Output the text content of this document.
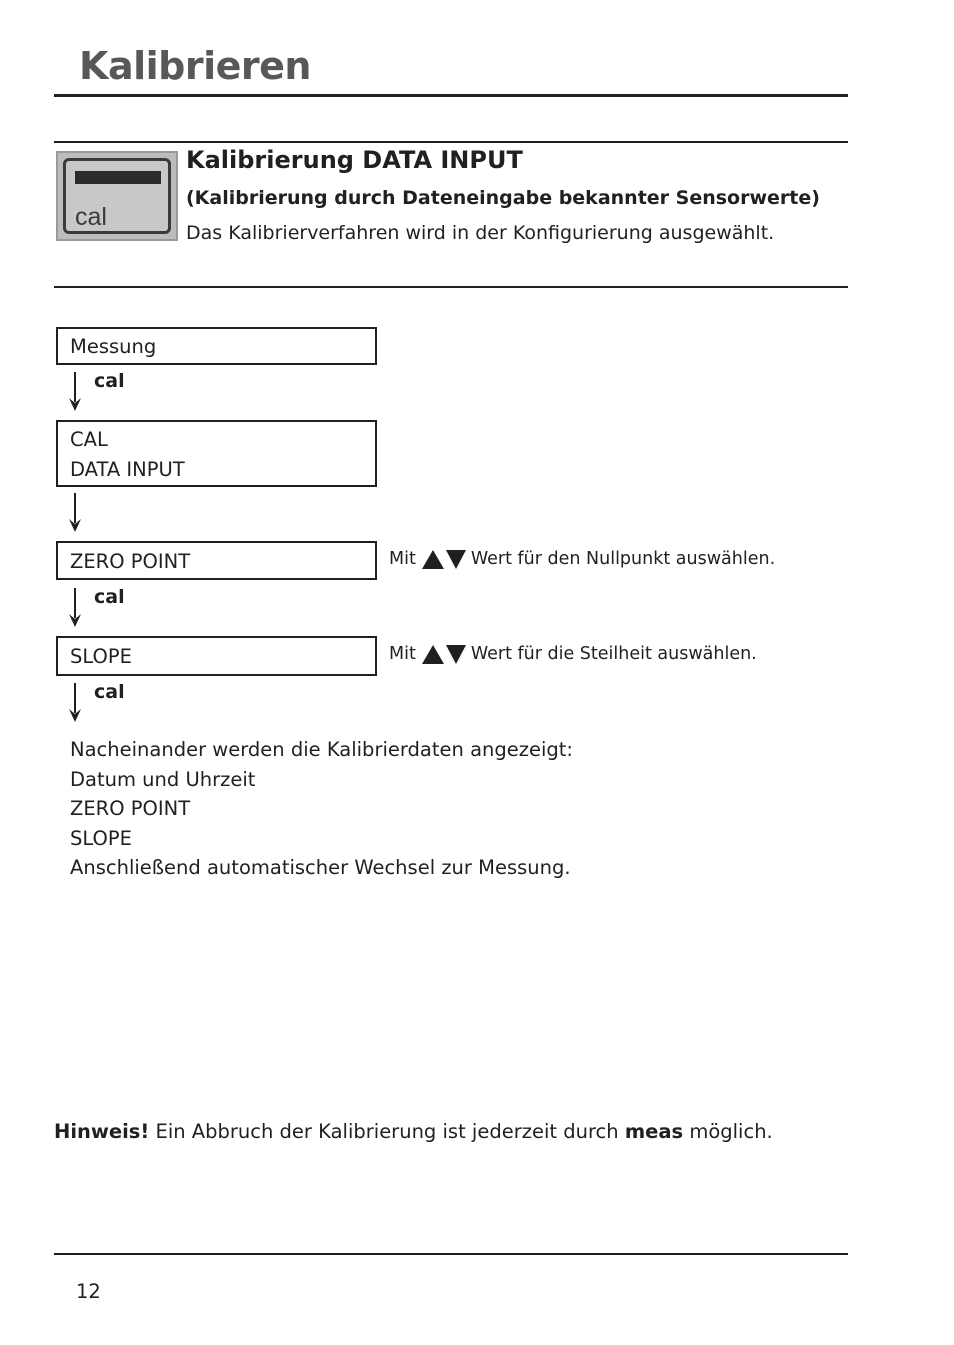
Kalibrieren

cal

Kalibrierung DATA INPUT

(Kalibrierung durch Dateneingabe bekannter Sensorwerte)

Das Kalibrierverfahren wird in der Konfigurierung ausgewählt.

Messung
cal
CAL
DATA INPUT
ZERO POINT	Mit	Wert für den Nullpunkt auswählen.
cal
SLOPE	Mit	Wert für die Steilheit auswählen.
cal
Nacheinander werden die Kalibrierdaten angezeigt:
Datum und Uhrzeit
ZERO POINT
SLOPE
Anschließend automatischer Wechsel zur Messung.
Hinweis! Ein Abbruch der Kalibrierung ist jederzeit durch meas möglich.
12
